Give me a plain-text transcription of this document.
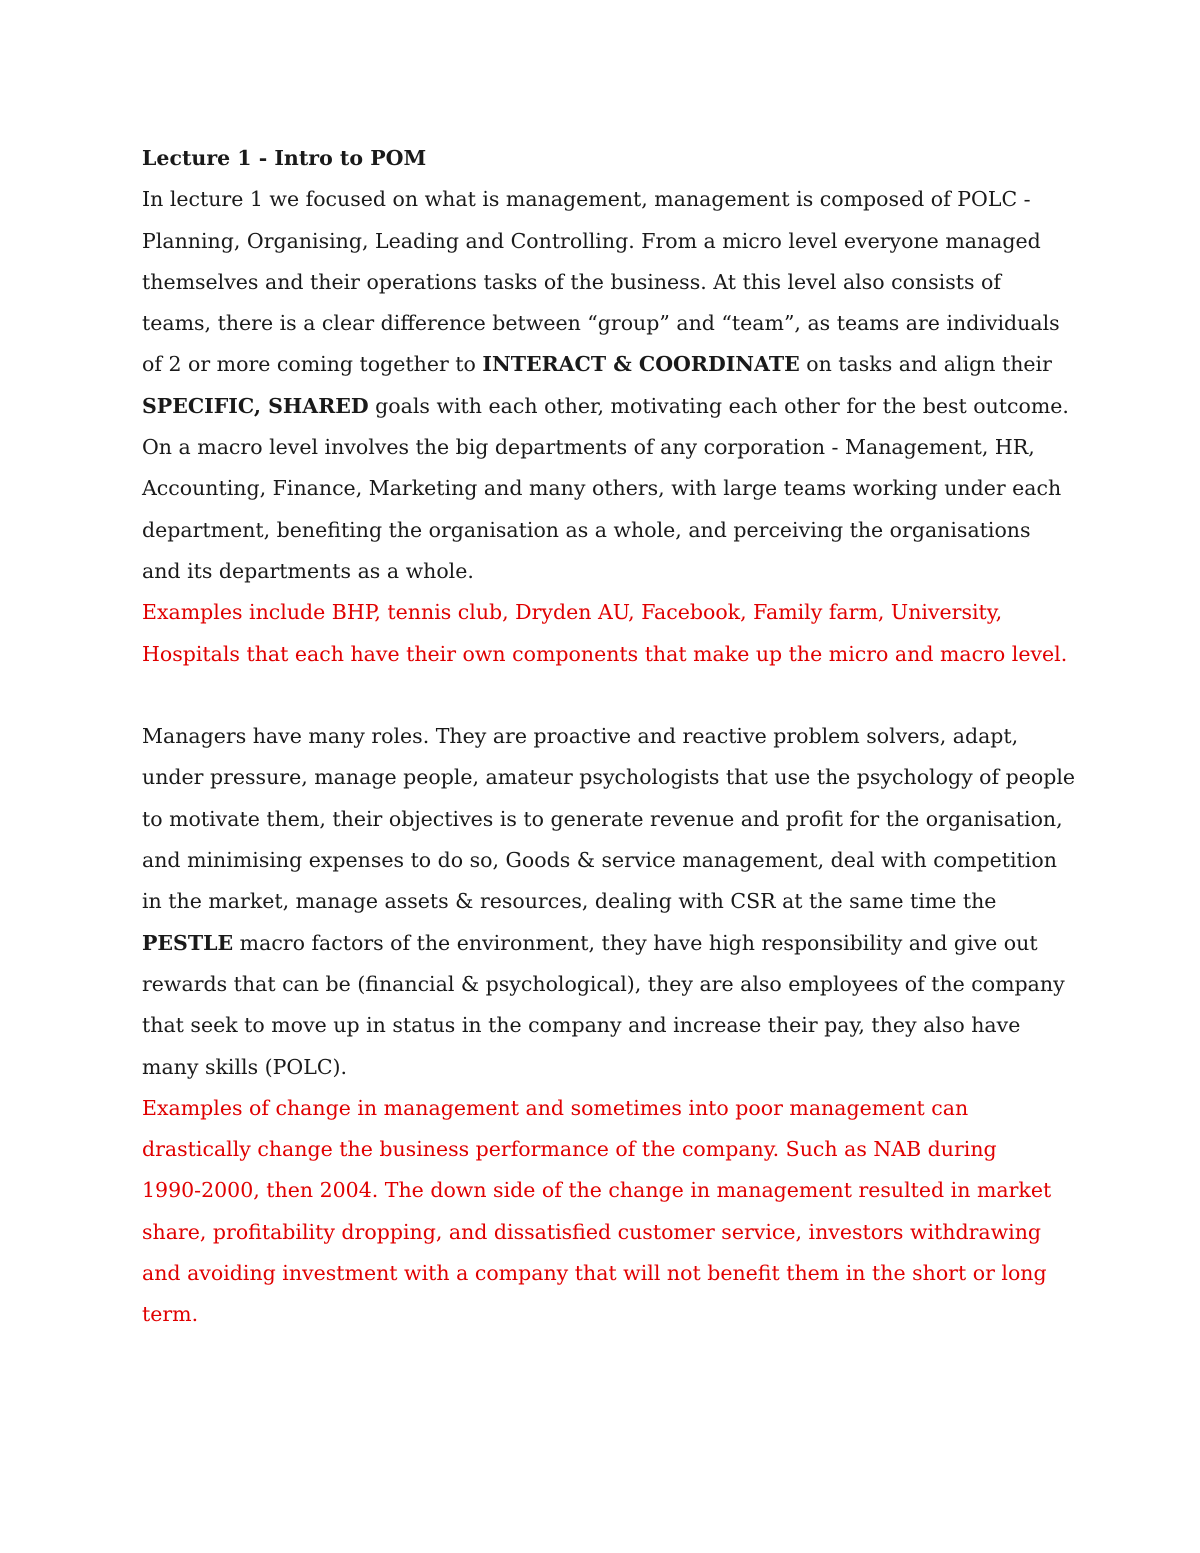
Lecture 1 - Intro to POM
In lecture 1 we focused on what is management, management is composed of POLC -
Planning, Organising, Leading and Controlling. From a micro level everyone managed
themselves and their operations tasks of the business. At this level also consists of
teams, there is a clear difference between “group” and “team”, as teams are individuals
of 2 or more coming together to INTERACT & COORDINATE on tasks and align their
SPECIFIC, SHARED goals with each other, motivating each other for the best outcome.
On a macro level involves the big departments of any corporation - Management, HR,
Accounting, Finance, Marketing and many others, with large teams working under each
department, benefiting the organisation as a whole, and perceiving the organisations
and its departments as a whole.
Examples include BHP, tennis club, Dryden AU, Facebook, Family farm, University,
Hospitals that each have their own components that make up the micro and macro level.
Managers have many roles. They are proactive and reactive problem solvers, adapt,
under pressure, manage people, amateur psychologists that use the psychology of people
to motivate them, their objectives is to generate revenue and profit for the organisation,
and minimising expenses to do so, Goods & service management, deal with competition
in the market, manage assets & resources, dealing with CSR at the same time the
PESTLE macro factors of the environment, they have high responsibility and give out
rewards that can be (financial & psychological), they are also employees of the company
that seek to move up in status in the company and increase their pay, they also have
many skills (POLC).
Examples of change in management and sometimes into poor management can
drastically change the business performance of the company. Such as NAB during
1990-2000, then 2004. The down side of the change in management resulted in market
share, profitability dropping, and dissatisfied customer service, investors withdrawing
and avoiding investment with a company that will not benefit them in the short or long
term.
